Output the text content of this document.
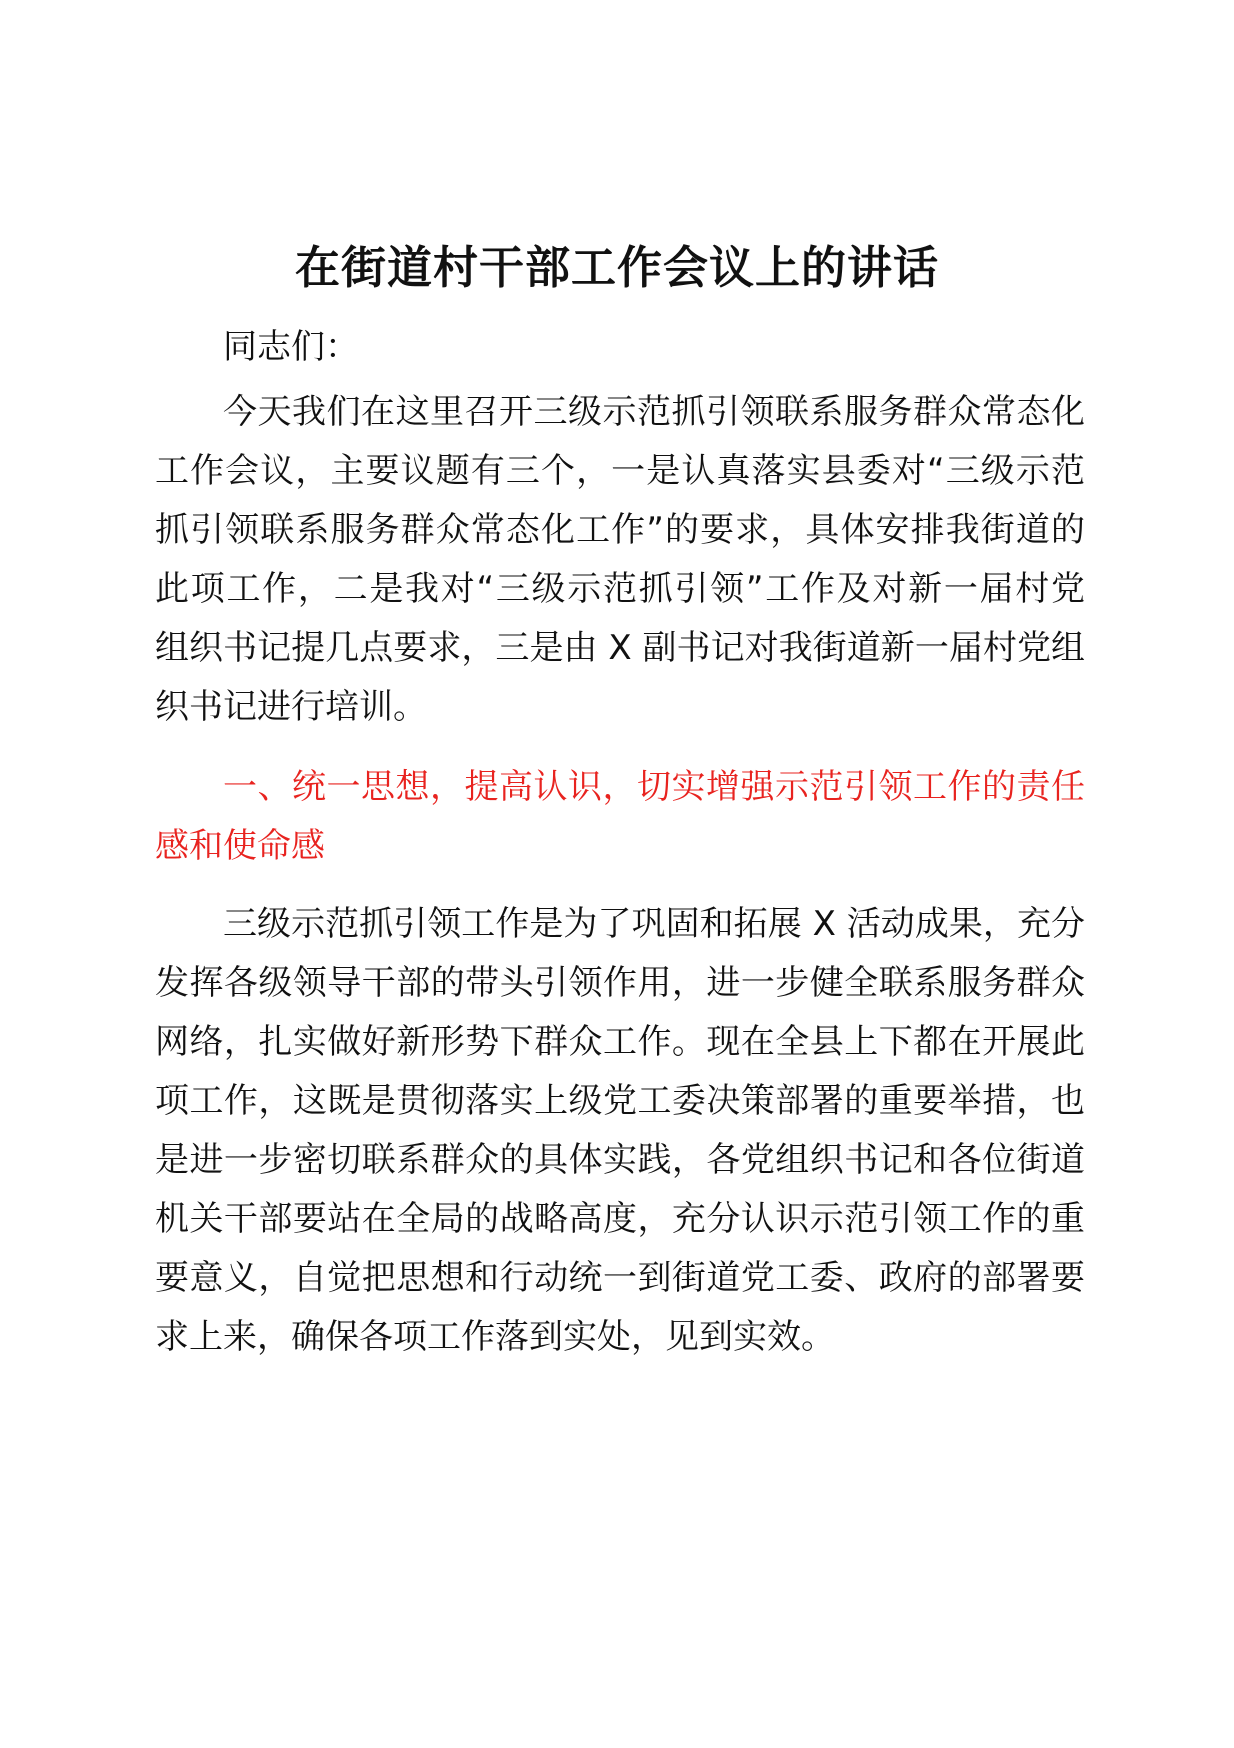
在街道村干部工作会议上的讲话

同志们：

今天我们在这里召开三级示范抓引领联系服务群众常态化

工作会议，主要议题有三个，一是认真落实县委对“三级示范

抓引领联系服务群众常态化工作”的要求，具体安排我街道的

此项工作，二是我对“三级示范抓引领”工作及对新一届村党

组织书记提几点要求，三是由 X 副书记对我街道新一届村党组

织书记进行培训。

一、统一思想，提高认识，切实增强示范引领工作的责任

感和使命感

三级示范抓引领工作是为了巩固和拓展 X 活动成果，充分

发挥各级领导干部的带头引领作用，进一步健全联系服务群众

网络，扎实做好新形势下群众工作。现在全县上下都在开展此

项工作，这既是贯彻落实上级党工委决策部署的重要举措，也

是进一步密切联系群众的具体实践，各党组织书记和各位街道

机关干部要站在全局的战略高度，充分认识示范引领工作的重

要意义，自觉把思想和行动统一到街道党工委、政府的部署要

求上来，确保各项工作落到实处，见到实效。
